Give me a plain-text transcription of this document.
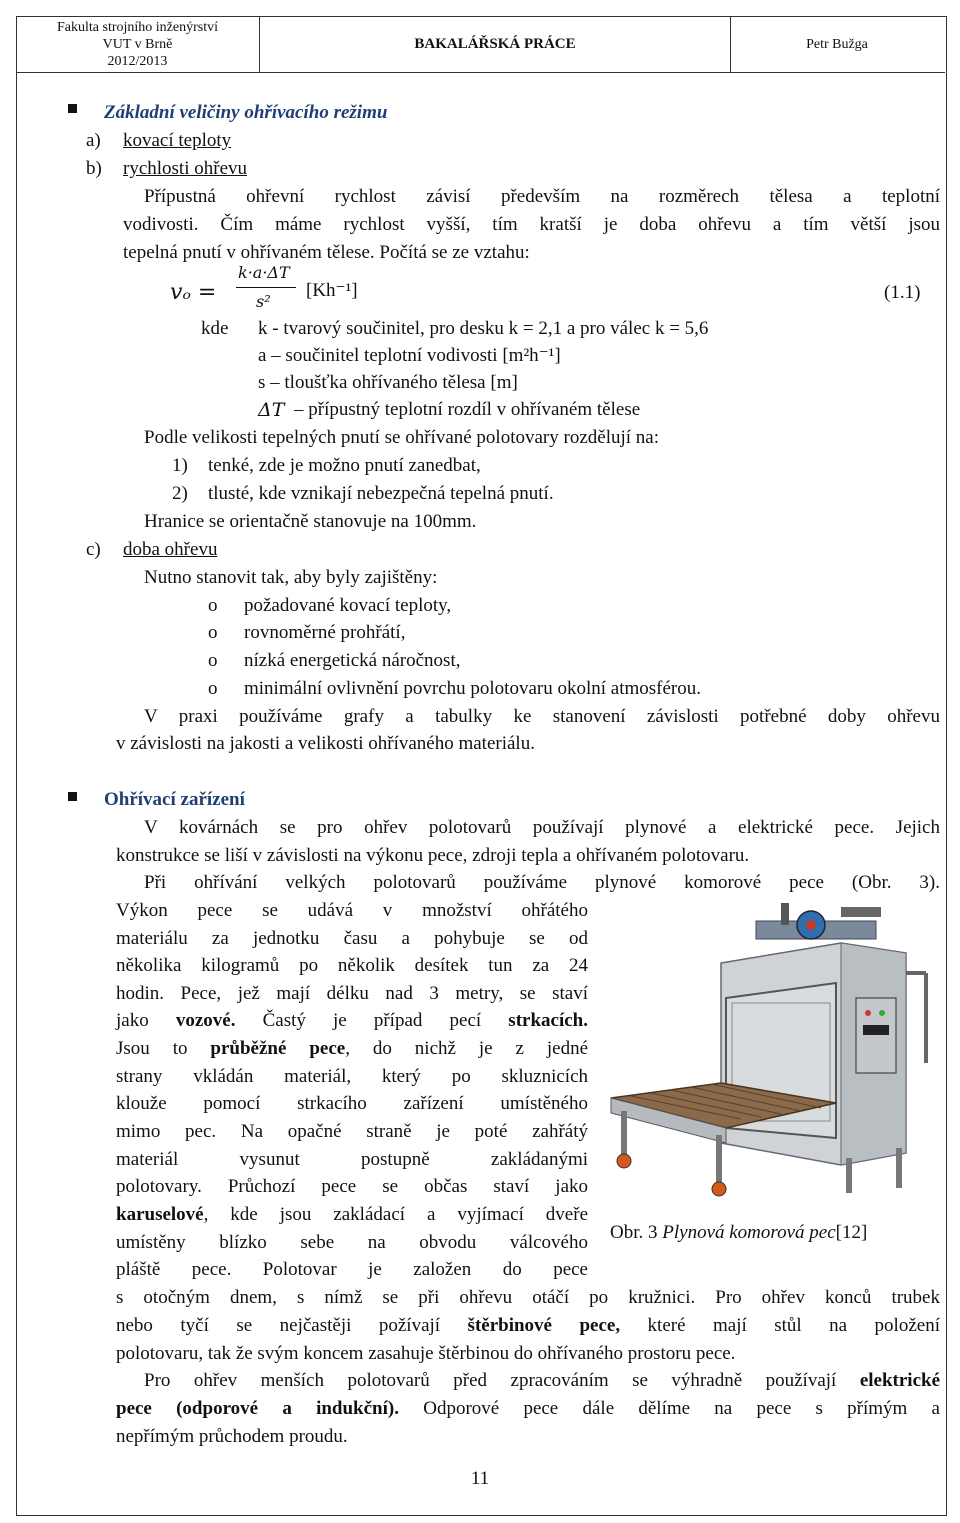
Fakulta strojního inženýrství
VUT v Brně
2012/2013
BAKALÁŘSKÁ PRÁCE	Petr Bužga
Základní veličiny ohřívacího režimu
a) kovací teploty
b) rychlosti ohřevu
Přípustná ohřevní rychlost závisí především na rozměrech tělesa a teplotní
vodivosti. Čím máme rychlost vyšší, tím kratší je doba ohřevu a tím větší jsou
tepelná pnutí v ohřívaném tělese. Počítá se ze vztahu:
vₒ =
k·a·ΔT
s²
[Kh⁻¹]	(1.1)
kde k - tvarový součinitel, pro desku k = 2,1 a pro válec k = 5,6
a – součinitel teplotní vodivosti [m²h⁻¹]
s – tloušťka ohřívaného tělesa [m]
ΔT – přípustný teplotní rozdíl v ohřívaném tělese
Podle velikosti tepelných pnutí se ohřívané polotovary rozdělují na:
1) tenké, zde je možno pnutí zanedbat,
2) tlusté, kde vznikají nebezpečná tepelná pnutí.
Hranice se orientačně stanovuje na 100mm.
c) doba ohřevu
Nutno stanovit tak, aby byly zajištěny:
o požadované kovací teploty,
o rovnoměrné prohřátí,
o nízká energetická náročnost,
o minimální ovlivnění povrchu polotovaru okolní atmosférou.
V praxi používáme grafy a tabulky ke stanovení závislosti potřebné doby ohřevu
v závislosti na jakosti a velikosti ohřívaného materiálu.
Ohřívací zařízení
V kovárnách se pro ohřev polotovarů používají plynové a elektrické pece. Jejich
konstrukce se liší v závislosti na výkonu pece, zdroji tepla a ohřívaném polotovaru.
Při ohřívání velkých polotovarů používáme plynové komorové pece (Obr. 3).
Výkon pece se udává v množství ohřátého
materiálu za jednotku času a pohybuje se od
několika kilogramů po několik desítek tun za 24
hodin. Pece, jež mají délku nad 3 metry, se staví
jako vozové. Častý je případ pecí strkacích.
Jsou to průběžné pece, do nichž je z jedné
strany vkládán materiál, který po skluznicích
klouže pomocí strkacího zařízení umístěného
mimo pec. Na opačné straně je poté zahřátý
materiál vysunut postupně zakládanými
polotovary. Průchozí pece se občas staví jako
karuselové, kde jsou zakládací a vyjímací dveře
umístěny blízko sebe na obvodu válcového
pláště pece. Polotovar je založen do pece
s otočným dnem, s nímž se při ohřevu otáčí po kružnici. Pro ohřev konců trubek
nebo tyčí se nejčastěji požívají štěrbinové pece, které mají stůl na položení
polotovaru, tak že svým koncem zasahuje štěrbinou do ohřívaného prostoru pece.
Pro ohřev menších polotovarů před zpracováním se výhradně používají elektrické
pece (odporové a indukční). Odporové pece dále dělíme na pece s přímým a
nepřímým průchodem proudu.
Obr. 3 Plynová komorová pec[12]
11
